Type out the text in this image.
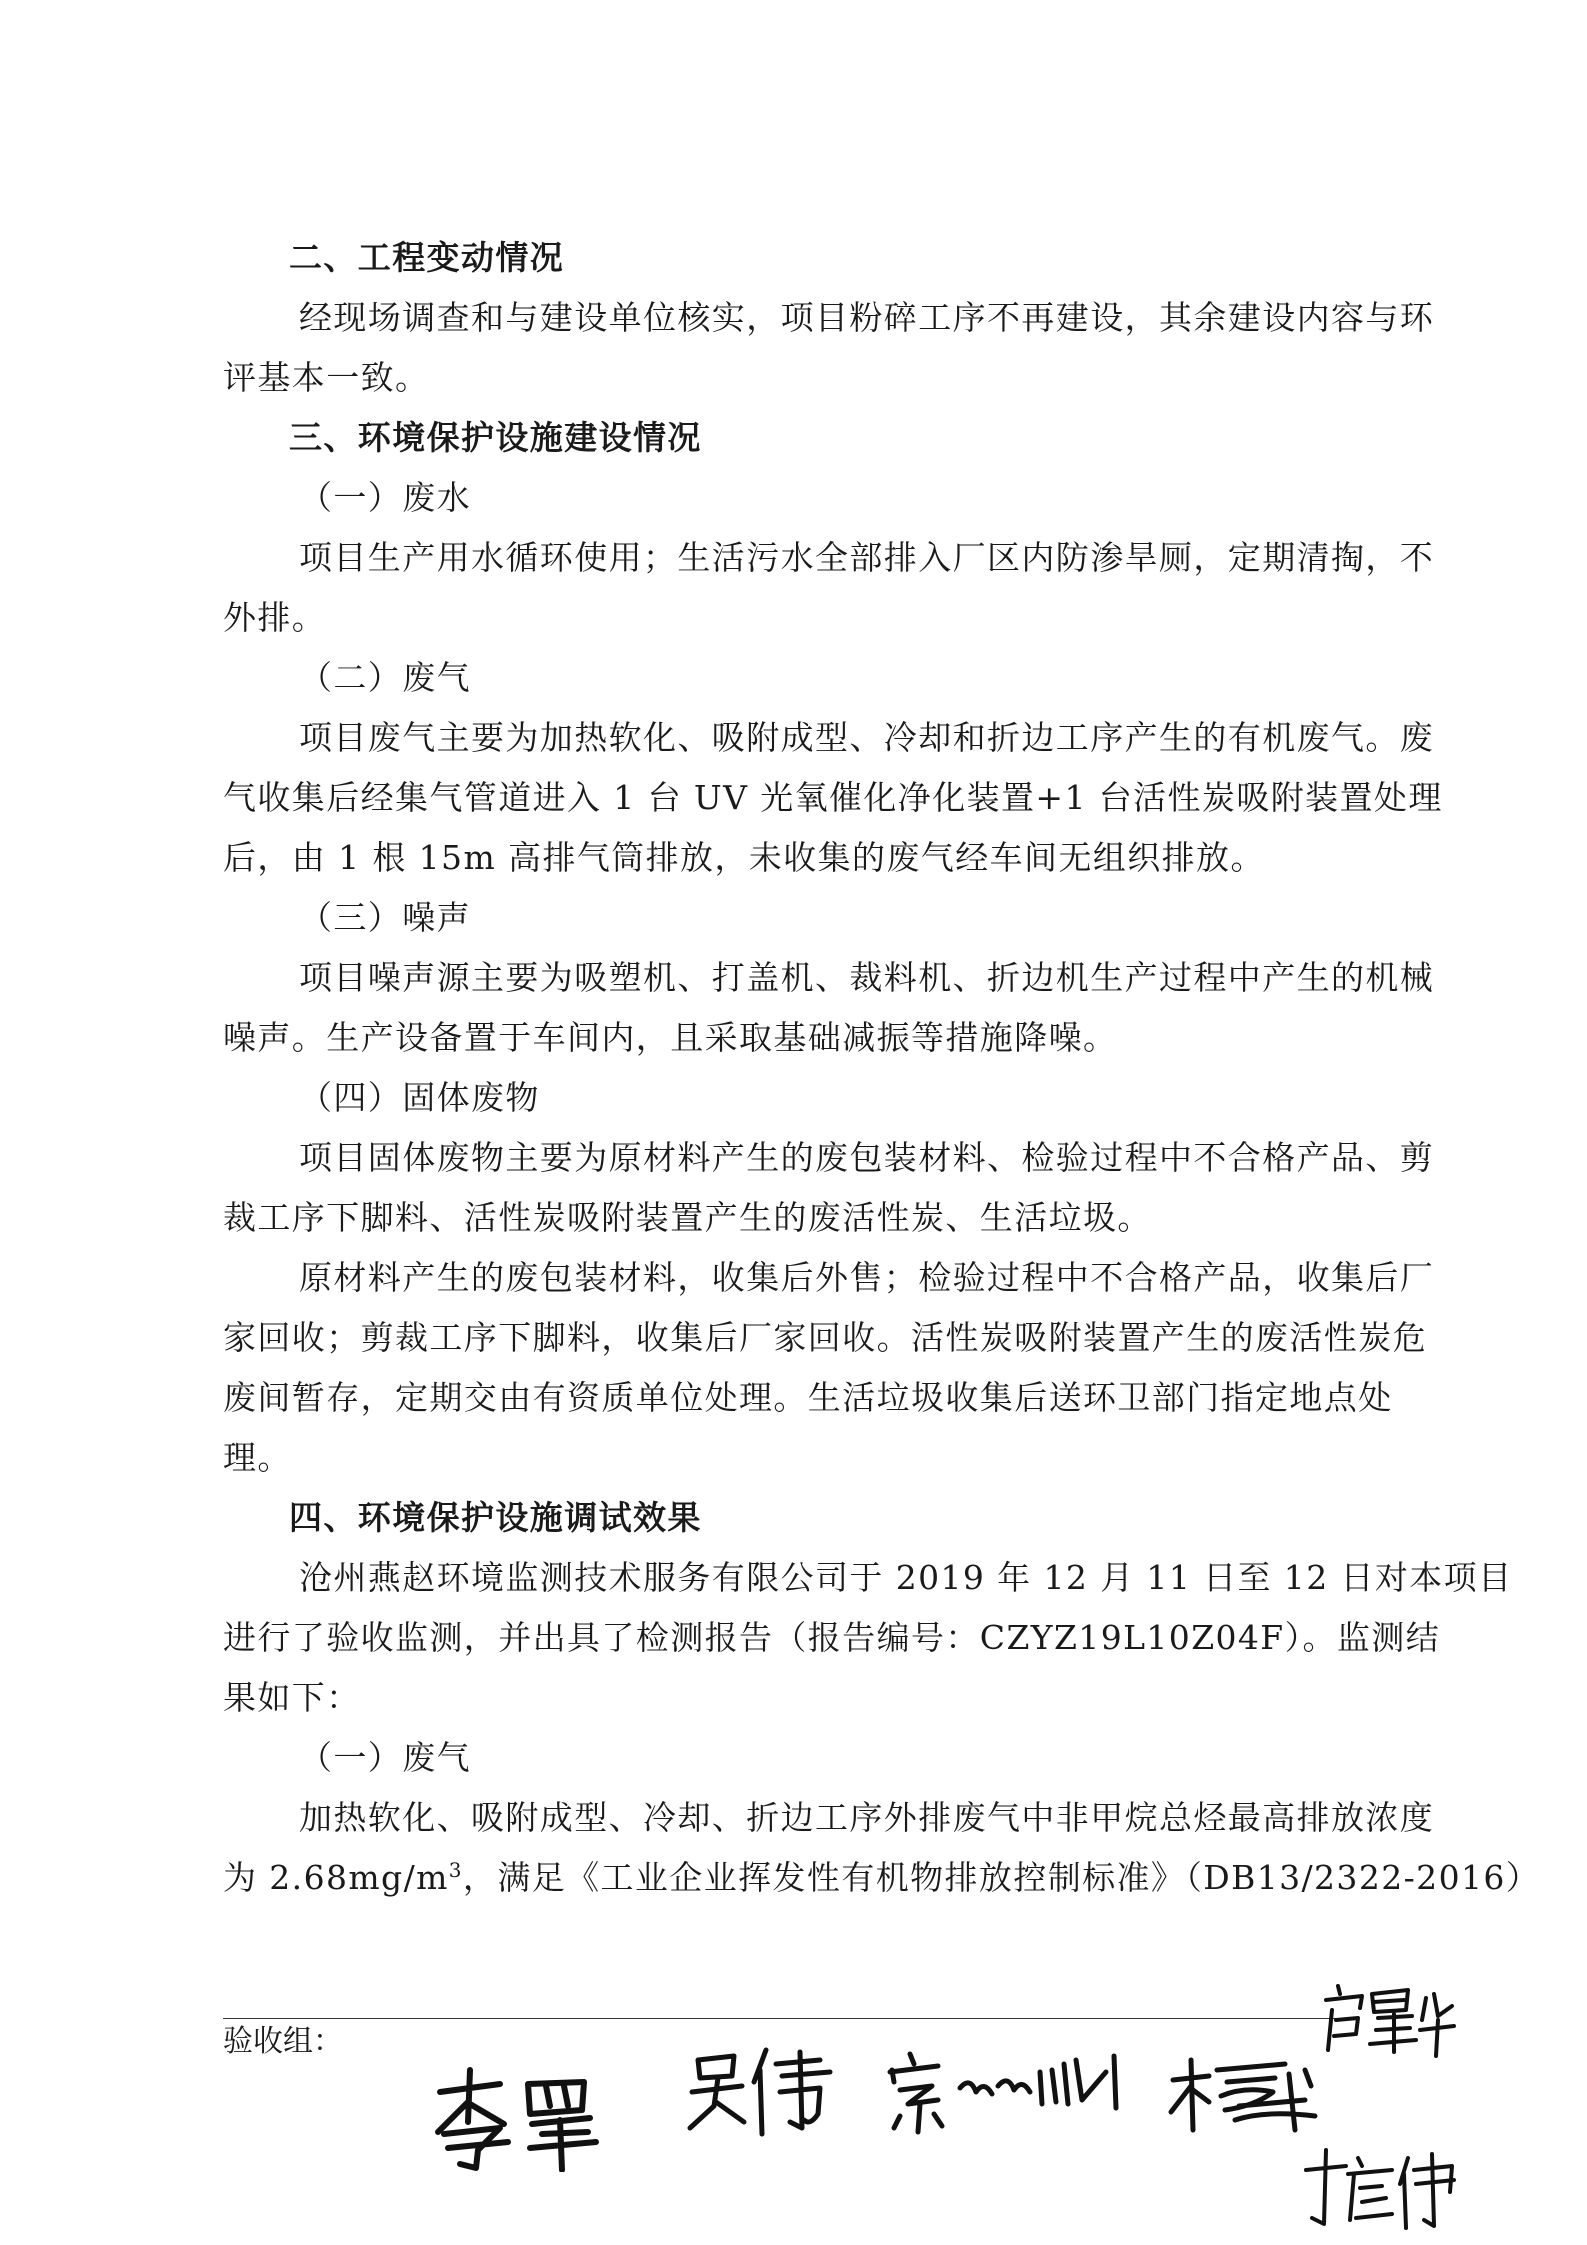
二、工程变动情况
经现场调查和与建设单位核实，项目粉碎工序不再建设，其余建设内容与环
评基本一致。
三、环境保护设施建设情况
（一）废水
项目生产用水循环使用；生活污水全部排入厂区内防渗旱厕，定期清掏，不
外排。
（二）废气
项目废气主要为加热软化、吸附成型、冷却和折边工序产生的有机废气。废
气收集后经集气管道进入 1 台 UV 光氧催化净化装置+1 台活性炭吸附装置处理
后，由 1 根 15m 高排气筒排放，未收集的废气经车间无组织排放。
（三）噪声
项目噪声源主要为吸塑机、打盖机、裁料机、折边机生产过程中产生的机械
噪声。生产设备置于车间内，且采取基础减振等措施降噪。
（四）固体废物
项目固体废物主要为原材料产生的废包装材料、检验过程中不合格产品、剪
裁工序下脚料、活性炭吸附装置产生的废活性炭、生活垃圾。
原材料产生的废包装材料，收集后外售；检验过程中不合格产品，收集后厂
家回收；剪裁工序下脚料，收集后厂家回收。活性炭吸附装置产生的废活性炭危
废间暂存，定期交由有资质单位处理。生活垃圾收集后送环卫部门指定地点处
理。
四、环境保护设施调试效果
沧州燕赵环境监测技术服务有限公司于 2019 年 12 月 11 日至 12 日对本项目
进行了验收监测，并出具了检测报告（报告编号：CZYZ19L10Z04F）。监测结
果如下：
（一）废气
加热软化、吸附成型、冷却、折边工序外排废气中非甲烷总烃最高排放浓度
为 $2.68mg/m^3$，满足《工业企业挥发性有机物排放控制标准》（DB13/2322-2016）
验收组：
